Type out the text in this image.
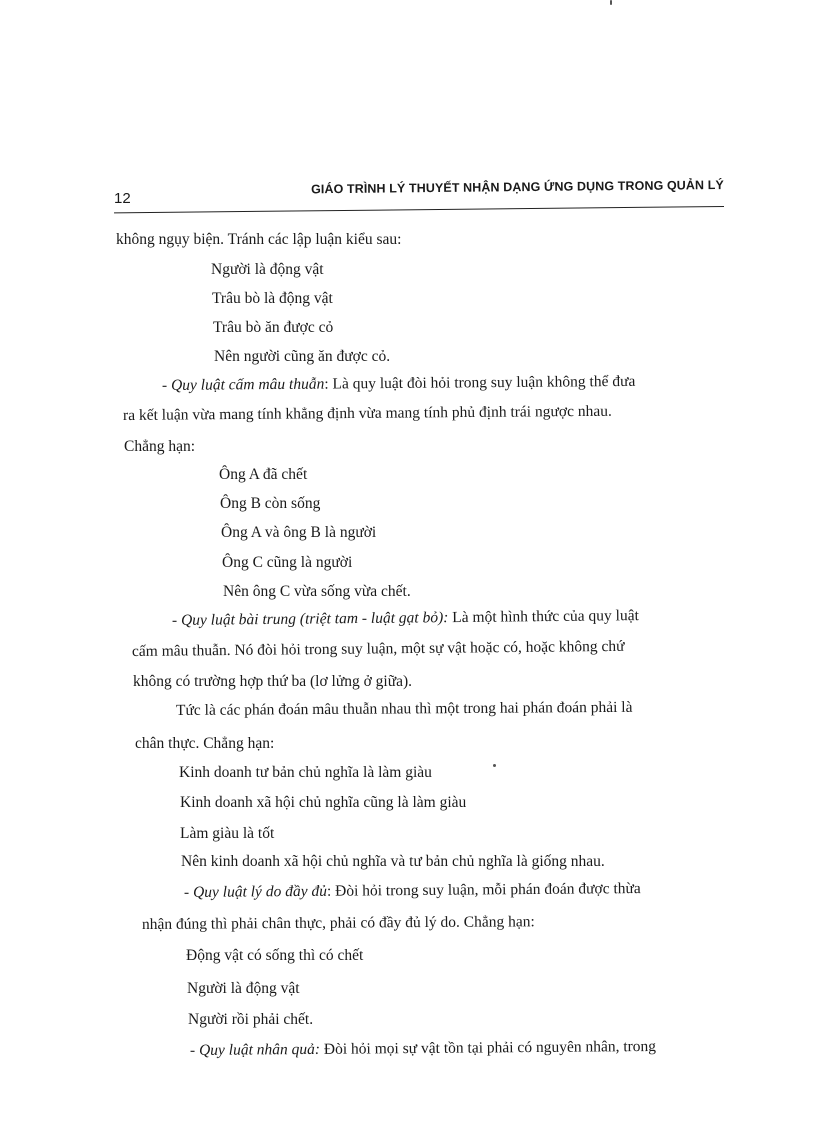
12
GIÁO TRÌNH LÝ THUYẾT NHẬN DẠNG ỨNG DỤNG TRONG QUẢN LÝ
không ngụy biện. Tránh các lập luận kiểu sau:
Người là động vật
Trâu bò là động vật
Trâu bò ăn được cỏ
Nên người cũng ăn được cỏ.
- Quy luật cấm mâu thuẫn: Là quy luật đòi hỏi trong suy luận không thể đưa
ra kết luận vừa mang tính khẳng định vừa mang tính phủ định trái ngược nhau.
Chẳng hạn:
Ông A đã chết
Ông B còn sống
Ông A và ông B là người
Ông C cũng là người
Nên ông C vừa sống vừa chết.
- Quy luật bài trung (triệt tam - luật gạt bỏ): Là một hình thức của quy luật
cấm mâu thuẫn. Nó đòi hỏi trong suy luận, một sự vật hoặc có, hoặc không chứ
không có trường hợp thứ ba (lơ lửng ở giữa).
Tức là các phán đoán mâu thuẫn nhau thì một trong hai phán đoán phải là
chân thực. Chẳng hạn:
Kinh doanh tư bản chủ nghĩa là làm giàu
Kinh doanh xã hội chủ nghĩa cũng là làm giàu
Làm giàu là tốt
Nên kinh doanh xã hội chủ nghĩa và tư bản chủ nghĩa là giống nhau.
- Quy luật lý do đầy đủ: Đòi hỏi trong suy luận, mỗi phán đoán được thừa
nhận đúng thì phải chân thực, phải có đầy đủ lý do. Chẳng hạn:
Động vật có sống thì có chết
Người là động vật
Người rồi phải chết.
- Quy luật nhân quả: Đòi hỏi mọi sự vật tồn tại phải có nguyên nhân, trong
